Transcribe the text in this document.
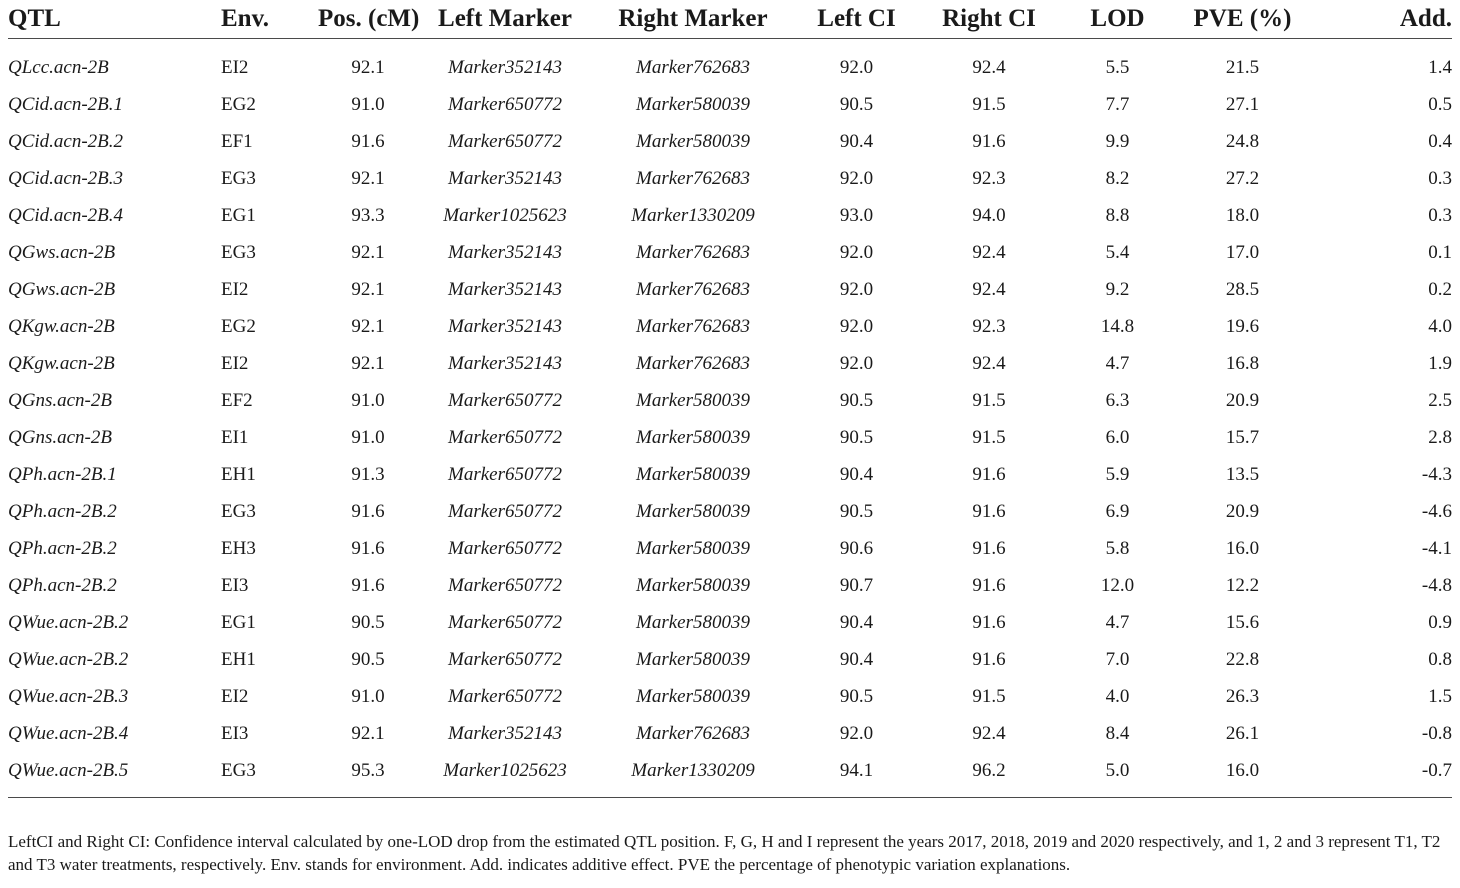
QTL	Env.	Pos. (cM)	Left Marker	Right Marker	Left CI	Right CI	LOD	PVE (%)	Add.
QLcc.acn-2B	EI2	92.1	Marker352143	Marker762683	92.0	92.4	5.5	21.5	1.4
QCid.acn-2B.1	EG2	91.0	Marker650772	Marker580039	90.5	91.5	7.7	27.1	0.5
QCid.acn-2B.2	EF1	91.6	Marker650772	Marker580039	90.4	91.6	9.9	24.8	0.4
QCid.acn-2B.3	EG3	92.1	Marker352143	Marker762683	92.0	92.3	8.2	27.2	0.3
QCid.acn-2B.4	EG1	93.3	Marker1025623	Marker1330209	93.0	94.0	8.8	18.0	0.3
QGws.acn-2B	EG3	92.1	Marker352143	Marker762683	92.0	92.4	5.4	17.0	0.1
QGws.acn-2B	EI2	92.1	Marker352143	Marker762683	92.0	92.4	9.2	28.5	0.2
QKgw.acn-2B	EG2	92.1	Marker352143	Marker762683	92.0	92.3	14.8	19.6	4.0
QKgw.acn-2B	EI2	92.1	Marker352143	Marker762683	92.0	92.4	4.7	16.8	1.9
QGns.acn-2B	EF2	91.0	Marker650772	Marker580039	90.5	91.5	6.3	20.9	2.5
QGns.acn-2B	EI1	91.0	Marker650772	Marker580039	90.5	91.5	6.0	15.7	2.8
QPh.acn-2B.1	EH1	91.3	Marker650772	Marker580039	90.4	91.6	5.9	13.5	-4.3
QPh.acn-2B.2	EG3	91.6	Marker650772	Marker580039	90.5	91.6	6.9	20.9	-4.6
QPh.acn-2B.2	EH3	91.6	Marker650772	Marker580039	90.6	91.6	5.8	16.0	-4.1
QPh.acn-2B.2	EI3	91.6	Marker650772	Marker580039	90.7	91.6	12.0	12.2	-4.8
QWue.acn-2B.2	EG1	90.5	Marker650772	Marker580039	90.4	91.6	4.7	15.6	0.9
QWue.acn-2B.2	EH1	90.5	Marker650772	Marker580039	90.4	91.6	7.0	22.8	0.8
QWue.acn-2B.3	EI2	91.0	Marker650772	Marker580039	90.5	91.5	4.0	26.3	1.5
QWue.acn-2B.4	EI3	92.1	Marker352143	Marker762683	92.0	92.4	8.4	26.1	-0.8
QWue.acn-2B.5	EG3	95.3	Marker1025623	Marker1330209	94.1	96.2	5.0	16.0	-0.7
LeftCI and Right CI: Confidence interval calculated by one-LOD drop from the estimated QTL position. F, G, H and I represent the years 2017, 2018, 2019 and 2020 respectively, and 1, 2 and 3 represent T1, T2 and T3 water treatments, respectively. Env. stands for environment. Add. indicates additive effect. PVE the percentage of phenotypic variation explanations.
